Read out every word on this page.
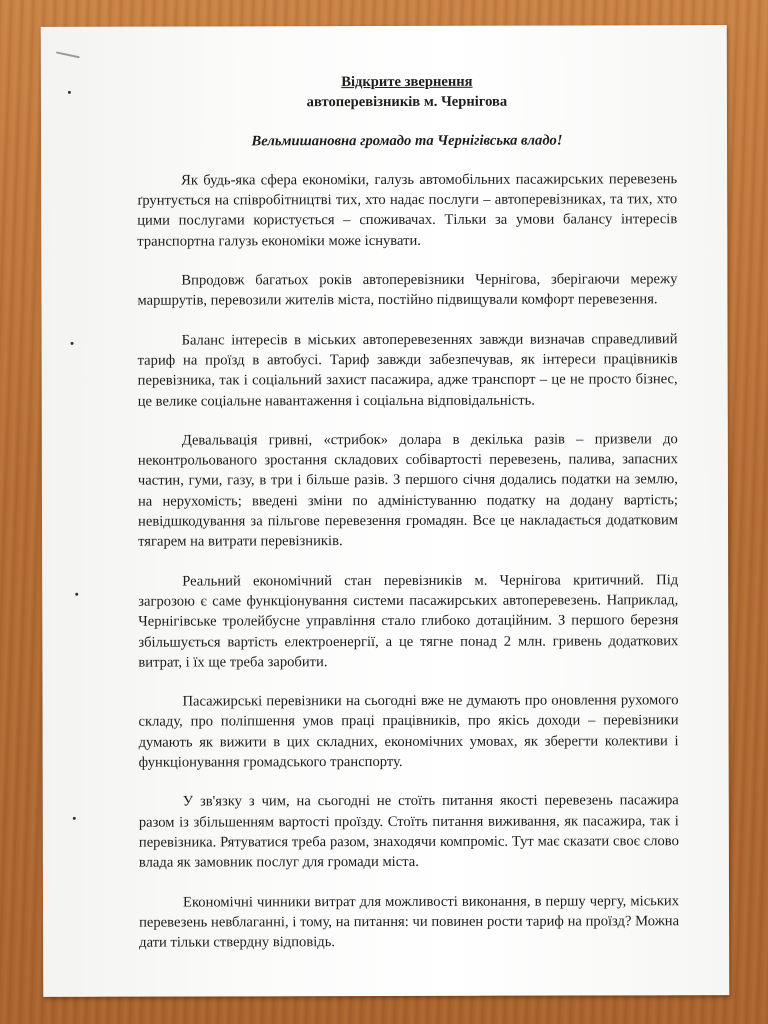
Відкрите звернення

автоперевізників м. Чернігова

Вельмишановна громадо та Чернігівська владо!

Як будь-яка сфера економіки, галузь автомобільних пасажирських перевезень ґрунтується на співробітництві тих, хто надає послуги – автоперевізниках, та тих, хто цими послугами користується – споживачах. Тільки за умови балансу інтересів транспортна галузь економіки може існувати.

Впродовж багатьох років автоперевізники Чернігова, зберігаючи мережу маршрутів, перевозили жителів міста, постійно підвищували комфорт перевезення.

Баланс інтересів в міських автоперевезеннях завжди визначав справедливий тариф на проїзд в автобусі. Тариф завжди забезпечував, як інтереси працівників перевізника, так і соціальний захист пасажира, адже транспорт – це не просто бізнес, це велике соціальне навантаження і соціальна відповідальність.

Девальвація гривні, «стрибок» долара в декілька разів – призвели до неконтрольованого зростання складових собівартості перевезень, палива, запасних частин, гуми, газу, в три і більше разів. З першого січня додались податки на землю, на нерухомість; введені зміни по адміністуванню податку на додану вартість; невідшкодування за пільгове перевезення громадян. Все це накладається додатковим тягарем на витрати перевізників.

Реальний економічний стан перевізників м. Чернігова критичний. Під загрозою є саме функціонування системи пасажирських автоперевезень. Наприклад, Чернігівське тролейбусне управління стало глибоко дотаційним. З першого березня збільшується вартість електроенергії, а це тягне понад 2 млн. гривень додаткових витрат, і їх ще треба заробити.

Пасажирські перевізники на сьогодні вже не думають про оновлення рухомого складу, про поліпшення умов праці працівників, про якісь доходи – перевізники думають як вижити в цих складних, економічних умовах, як зберегти колективи і функціонування громадського транспорту.

У зв'язку з чим, на сьогодні не стоїть питання якості перевезень пасажира разом із збільшенням вартості проїзду. Стоїть питання виживання, як пасажира, так і перевізника. Рятуватися треба разом, знаходячи компроміс. Тут має сказати своє слово влада як замовник послуг для громади міста.

Економічні чинники витрат для можливості виконання, в першу чергу, міських перевезень невблаганні, і тому, на питання: чи повинен рости тариф на проїзд? Можна дати тільки ствердну відповідь.
